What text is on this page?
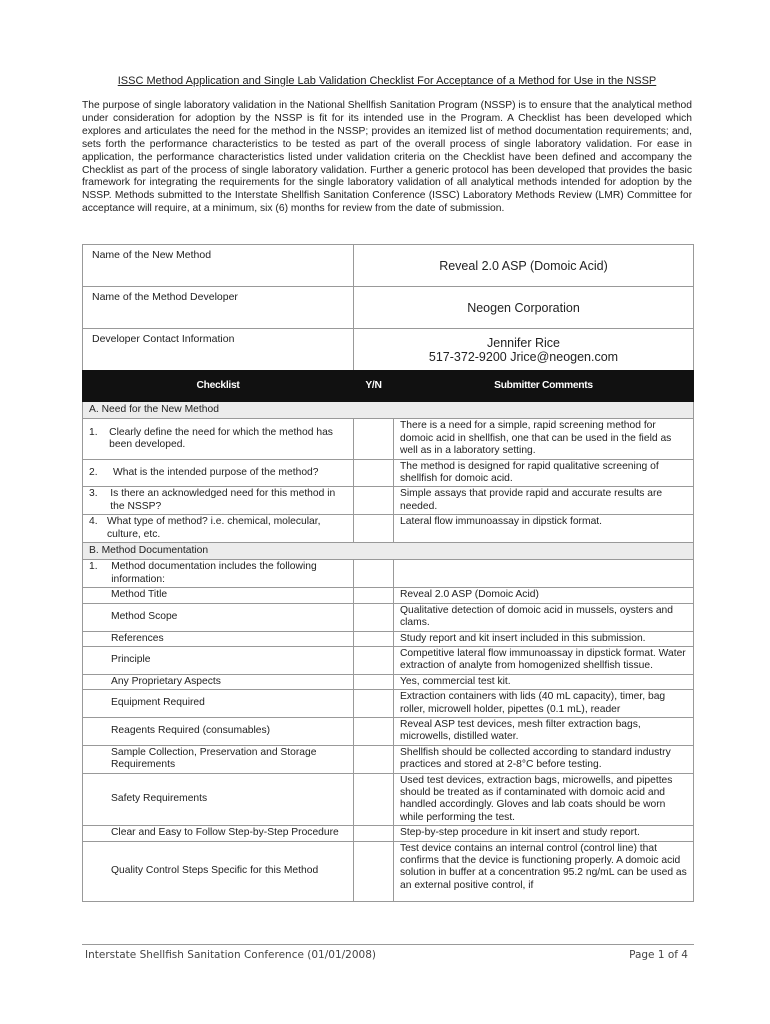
ISSC Method Application and Single Lab Validation Checklist For Acceptance of a Method for Use in the NSSP
The purpose of single laboratory validation in the National Shellfish Sanitation Program (NSSP) is to ensure that the analytical method under consideration for adoption by the NSSP is fit for its intended use in the Program. A Checklist has been developed which explores and articulates the need for the method in the NSSP; provides an itemized list of method documentation requirements; and, sets forth the performance characteristics to be tested as part of the overall process of single laboratory validation. For ease in application, the performance characteristics listed under validation criteria on the Checklist have been defined and accompany the Checklist as part of the process of single laboratory validation. Further a generic protocol has been developed that provides the basic framework for integrating the requirements for the single laboratory validation of all analytical methods intended for adoption by the NSSP. Methods submitted to the Interstate Shellfish Sanitation Conference (ISSC) Laboratory Methods Review (LMR) Committee for acceptance will require, at a minimum, six (6) months for review from the date of submission.
Name of the New Method	Reveal 2.0 ASP (Domoic Acid)
Name of the Method Developer	Neogen Corporation
Developer Contact Information	Jennifer Rice
517-372-9200 Jrice@neogen.com
Checklist	Y/N	Submitter Comments
A. Need for the New Method		

1. Clearly define the need for which the method has been developed.		There is a need for a simple, rapid screening method for domoic acid in shellfish, one that can be used in the field as well as in a laboratory setting.

2. What is the intended purpose of the method?		The method is designed for rapid qualitative screening of shellfish for domoic acid.

3. Is there an acknowledged need for this method in the NSSP?		Simple assays that provide rapid and accurate results are needed.

4. What type of method? i.e. chemical, molecular, culture, etc.		Lateral flow immunoassay in dipstick format.
B. Method Documentation		

1. Method documentation includes the following information:		

Method Title		Reveal 2.0 ASP (Domoic Acid)
Method Scope		Qualitative detection of domoic acid in mussels, oysters and clams.
References		Study report and kit insert included in this submission.
Principle		Competitive lateral flow immunoassay in dipstick format. Water extraction of analyte from homogenized shellfish tissue.
Any Proprietary Aspects		Yes, commercial test kit.
Equipment Required		Extraction containers with lids (40 mL capacity), timer, bag roller, microwell holder, pipettes (0.1 mL), reader
Reagents Required (consumables)		Reveal ASP test devices, mesh filter extraction bags, microwells, distilled water.
Sample Collection, Preservation and Storage Requirements		Shellfish should be collected according to standard industry practices and stored at 2-8°C before testing.
Safety Requirements		Used test devices, extraction bags, microwells, and pipettes should be treated as if contaminated with domoic acid and handled accordingly. Gloves and lab coats should be worn while performing the test.
Clear and Easy to Follow Step-by-Step Procedure		Step-by-step procedure in kit insert and study report.
Quality Control Steps Specific for this Method		Test device contains an internal control (control line) that confirms that the device is functioning properly. A domoic acid solution in buffer at a concentration 95.2 ng/mL can be used as an external positive control, if
Interstate Shellfish Sanitation Conference (01/01/2008)	Page 1 of 4
